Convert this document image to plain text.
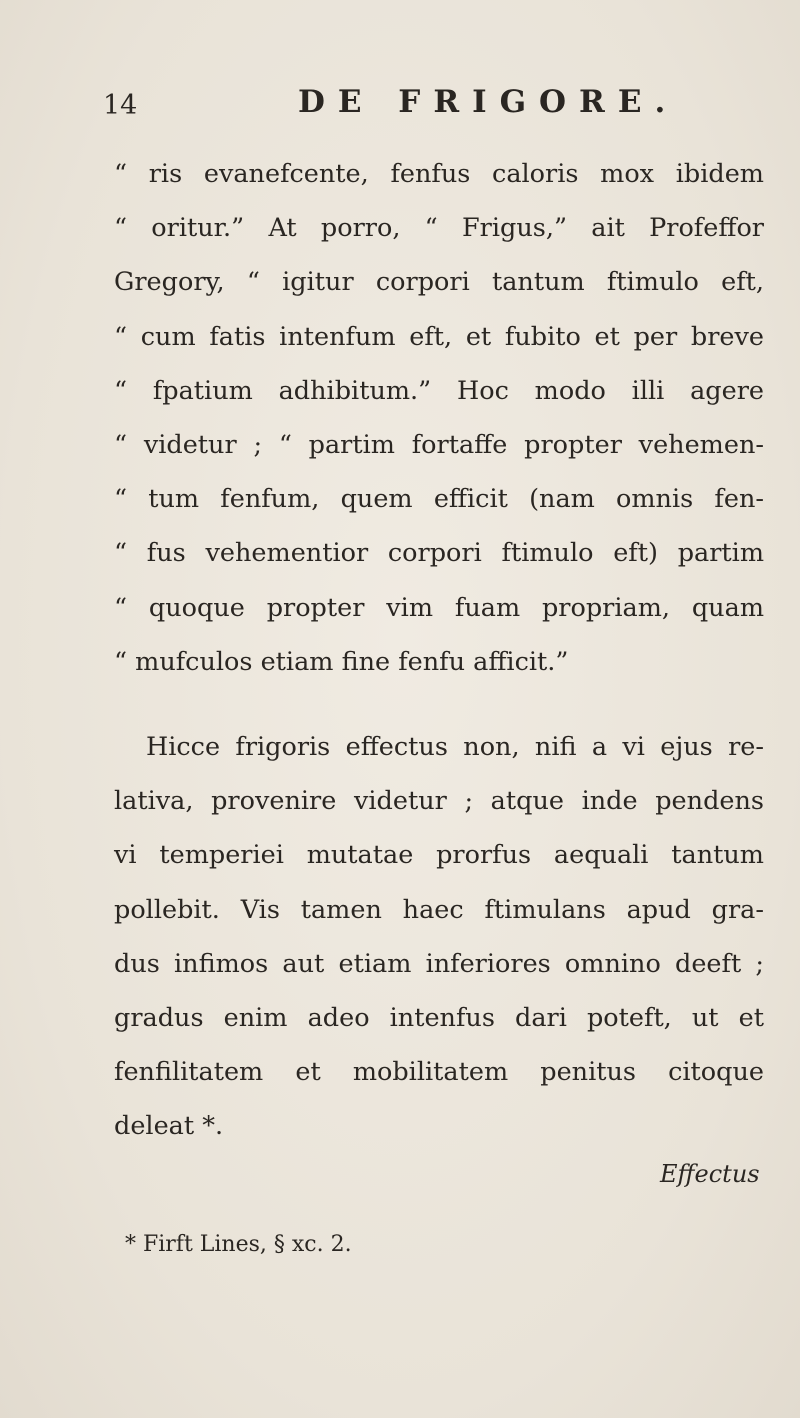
14	DE FRIGORE.
“ ris evanefcente, fenfus caloris mox ibidem
“ oritur.” At porro, “ Frigus,” ait Profeffor
Gregory, “ igitur corpori tantum ftimulo eft,
“ cum fatis intenfum eft, et fubito et per breve
“ fpatium adhibitum.” Hoc modo illi agere
“ videtur ; “ partim fortaffe propter vehemen-
“ tum fenfum, quem efficit (nam omnis fen-
“ fus vehementior corpori ftimulo eft) partim
“ quoque propter vim fuam propriam, quam
“ mufculos etiam fine fenfu afficit.”
Hicce frigoris effectus non, nifi a vi ejus re-
lativa, provenire videtur ; atque inde pendens
vi temperiei mutatae prorfus aequali tantum
pollebit. Vis tamen haec ftimulans apud gra-
dus infimos aut etiam inferiores omnino deeft ;
gradus enim adeo intenfus dari poteft, ut et
fenfilitatem et mobilitatem penitus citoque
deleat *.
Effectus
* Firft Lines, § xc. 2.
